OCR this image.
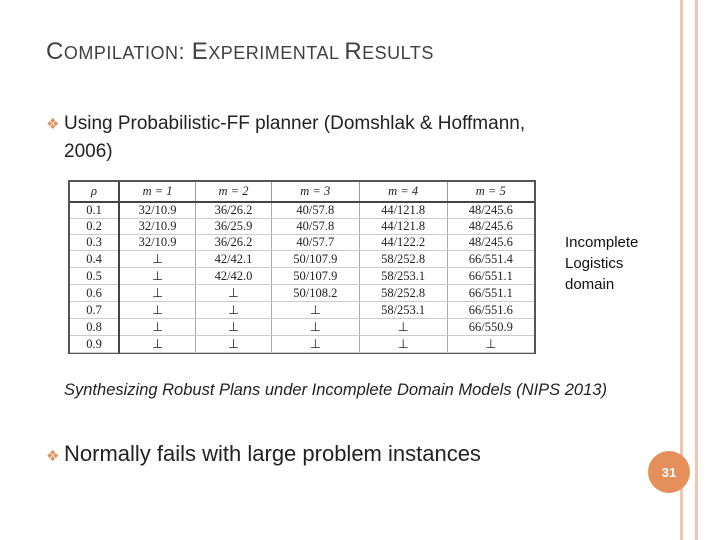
COMPILATION: EXPERIMENTAL RESULTS
❖ Using Probabilistic-FF planner (Domshlak & Hoffmann, 2006)
ρ	m = 1	m = 2	m = 3	m = 4	m = 5
0.1	32/10.9	36/26.2	40/57.8	44/121.8	48/245.6
0.2	32/10.9	36/25.9	40/57.8	44/121.8	48/245.6
0.3	32/10.9	36/26.2	40/57.7	44/122.2	48/245.6
0.4	⊥	42/42.1	50/107.9	58/252.8	66/551.4
0.5	⊥	42/42.0	50/107.9	58/253.1	66/551.1
0.6	⊥	⊥	50/108.2	58/252.8	66/551.1
0.7	⊥	⊥	⊥	58/253.1	66/551.6
0.8	⊥	⊥	⊥	⊥	66/550.9
0.9	⊥	⊥	⊥	⊥	⊥
Incomplete Logistics domain
Synthesizing Robust Plans under Incomplete Domain Models (NIPS 2013)
❖ Normally fails with large problem instances
31
